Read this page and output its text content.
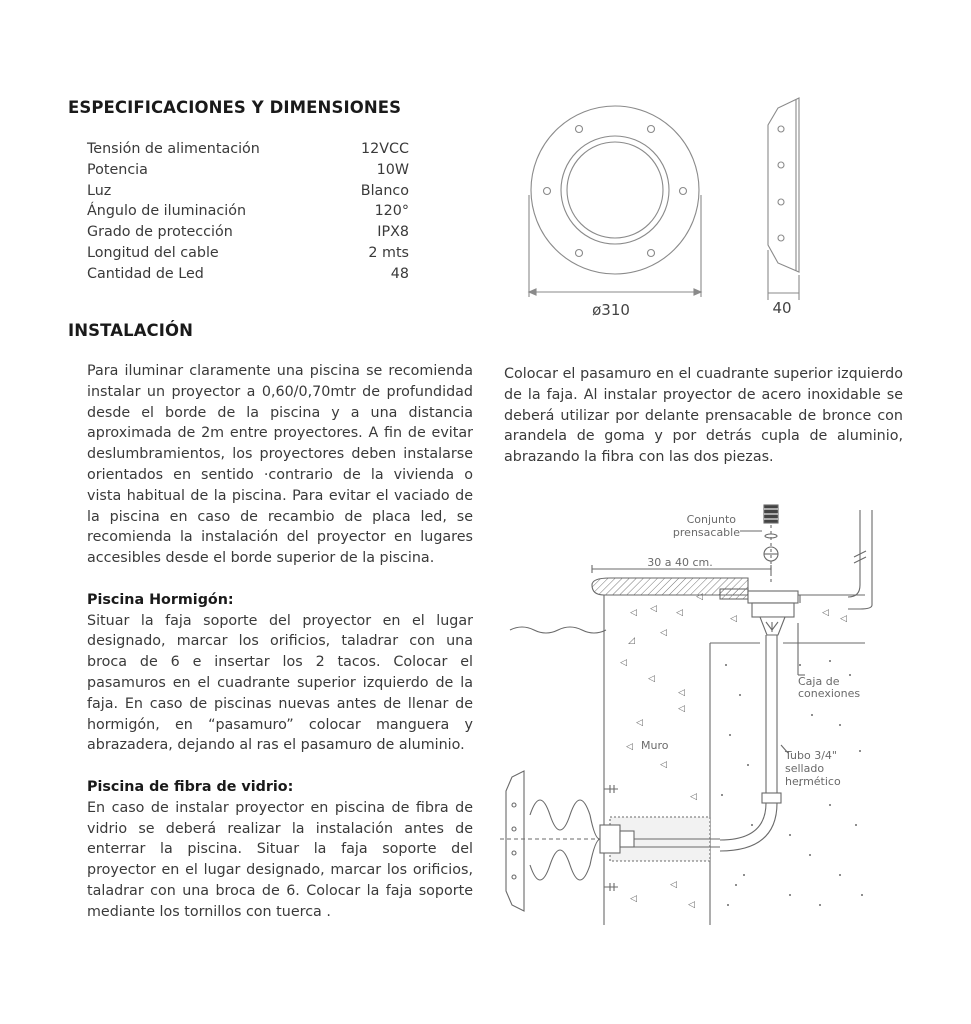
ESPECIFICACIONES Y DIMENSIONES
Tensión de alimentación	12VCC
Potencia	10W
Luz	Blanco
Ángulo de iluminación	120°
Grado de protección	IPX8
Longitud del cable	2 mts
Cantidad de Led	48
ø310	40
INSTALACIÓN

Para iluminar claramente una piscina se recomienda instalar un proyector a 0,60/0,70mtr de profundidad desde el borde de la piscina y a una distancia aproximada de 2m entre proyectores. A fin de evitar deslumbramientos, los proyectores deben instalarse orientados en sentido ·contrario de la vivienda o vista habitual de la piscina. Para evitar el vaciado de la piscina en caso de recambio de placa led, se recomienda la instalación del proyector en lugares accesibles desde el borde superior de la piscina.

Piscina Hormigón:

Situar la faja soporte del proyector en el lugar designado, marcar los orificios, taladrar con una broca de 6 e insertar los 2 tacos. Colocar el pasamuros en el cuadrante superior izquierdo de la faja. En caso de piscinas nuevas antes de llenar de hormigón, en “pasamuro” colocar manguera y abrazadera, dejando al ras el pasamuro de aluminio.

Piscina de fibra de vidrio:

En caso de instalar proyector en piscina de fibra de vidrio se deberá realizar la instalación antes de enterrar la piscina. Situar la faja soporte del proyector en el lugar designado, marcar los orificios, taladrar con una broca de 6. Colocar la faja soporte mediante los tornillos con tuerca .

Colocar el pasamuro en el cuadrante superior izquierdo de la faja. Al instalar proyector de acero inoxidable se deberá utilizar por delante prensacable de bronce con arandela de goma y por detrás cupla de aluminio, abrazando la fibra con las dos piezas.

◁ ◁ ◁
◿
◁
◁
◁
◁
◁
◁
◁
◁
◁
◁
◁
◁
◁
◁
◁
◁
Conjunto
prensacable
30 a 40 cm.
Caja de
conexiones
Muro
Tubo 3/4"
sellado
hermético
